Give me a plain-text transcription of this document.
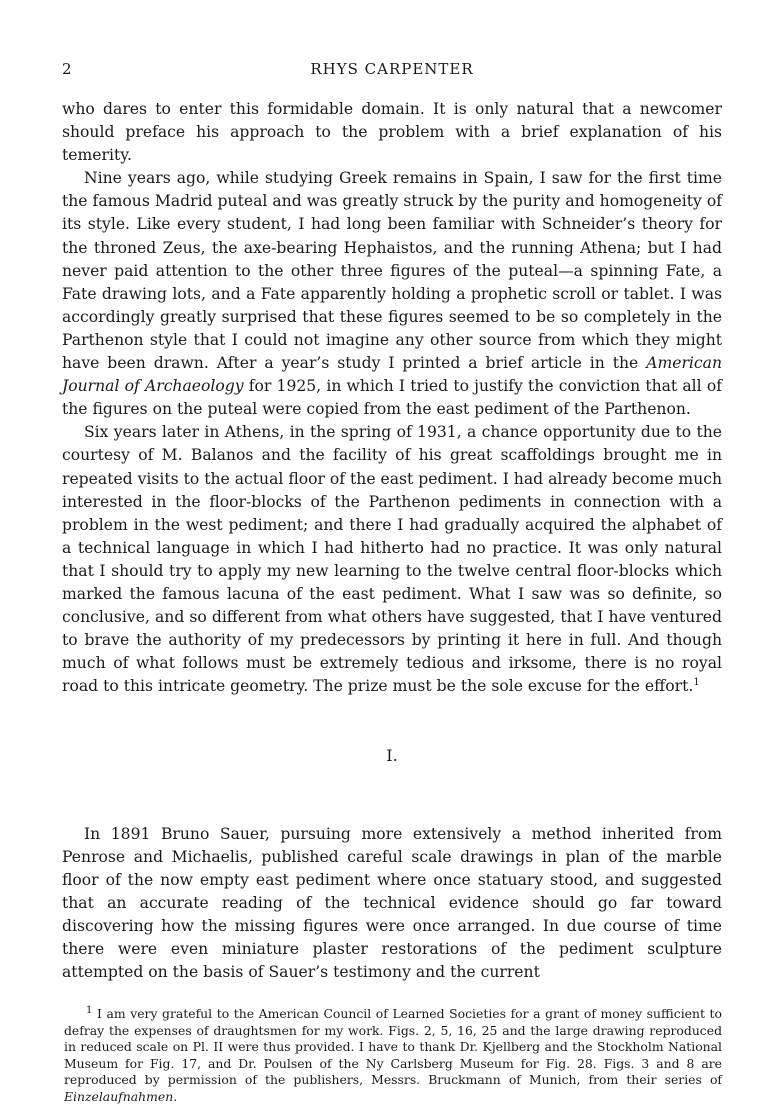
2	RHYS CARPENTER

who dares to enter this formidable domain. It is only natural that a newcomer should preface his approach to the problem with a brief explanation of his temerity.

Nine years ago, while studying Greek remains in Spain, I saw for the first time the famous Madrid puteal and was greatly struck by the purity and homogeneity of its style. Like every student, I had long been familiar with Schneider’s theory for the throned Zeus, the axe-bearing Hephaistos, and the running Athena; but I had never paid attention to the other three figures of the puteal—a spinning Fate, a Fate drawing lots, and a Fate apparently holding a prophetic scroll or tablet. I was accordingly greatly surprised that these figures seemed to be so completely in the Parthenon style that I could not imagine any other source from which they might have been drawn. After a year’s study I printed a brief article in the American Journal of Archaeology for 1925, in which I tried to justify the conviction that all of the figures on the puteal were copied from the east pediment of the Parthenon.

Six years later in Athens, in the spring of 1931, a chance opportunity due to the courtesy of M. Balanos and the facility of his great scaffoldings brought me in repeated visits to the actual floor of the east pediment. I had already become much interested in the floor-blocks of the Parthenon pediments in connection with a problem in the west pediment; and there I had gradually acquired the alphabet of a technical language in which I had hitherto had no practice. It was only natural that I should try to apply my new learning to the twelve central floor-blocks which marked the famous lacuna of the east pediment. What I saw was so definite, so conclusive, and so different from what others have suggested, that I have ventured to brave the authority of my predecessors by printing it here in full. And though much of what follows must be extremely tedious and irksome, there is no royal road to this intricate geometry. The prize must be the sole excuse for the effort.$^1$

I.

In 1891 Bruno Sauer, pursuing more extensively a method inherited from Penrose and Michaelis, published careful scale drawings in plan of the marble floor of the now empty east pediment where once statuary stood, and suggested that an accurate reading of the technical evidence should go far toward discovering how the missing figures were once arranged. In due course of time there were even miniature plaster restorations of the pediment sculpture attempted on the basis of Sauer’s testimony and the current

$^1$ I am very grateful to the American Council of Learned Societies for a grant of money sufficient to defray the expenses of draughtsmen for my work. Figs. 2, 5, 16, 25 and the large drawing reproduced in reduced scale on Pl. II were thus provided. I have to thank Dr. Kjellberg and the Stockholm National Museum for Fig. 17, and Dr. Poulsen of the Ny Carlsberg Museum for Fig. 28. Figs. 3 and 8 are reproduced by permission of the publishers, Messrs. Bruckmann of Munich, from their series of Einzelaufnahmen.
